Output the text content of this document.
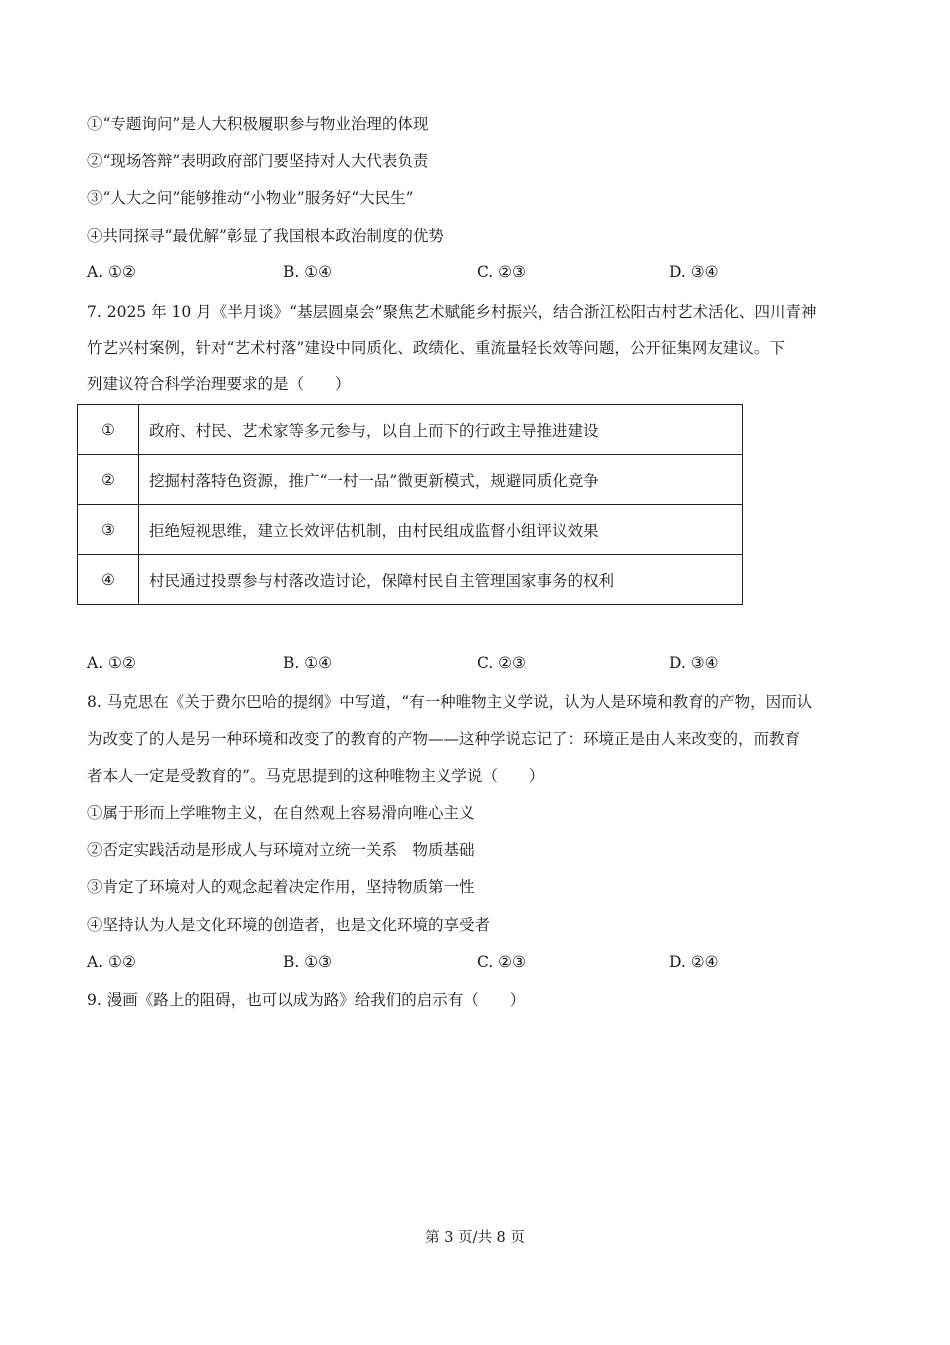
①“专题询问”是人大积极履职参与物业治理的体现
②“现场答辩”表明政府部门要坚持对人大代表负责
③“人大之问”能够推动“小物业”服务好“大民生”
④共同探寻“最优解”彰显了我国根本政治制度的优势
A. ①②	B. ①④	C. ②③	D. ③④
7. 2025 年 10 月《半月谈》“基层圆桌会”聚焦艺术赋能乡村振兴，结合浙江松阳古村艺术活化、四川青神
竹艺兴村案例，针对“艺术村落”建设中同质化、政绩化、重流量轻长效等问题，公开征集网友建议。下
列建议符合科学治理要求的是（　　）
①	政府、村民、艺术家等多元参与，以自上而下的行政主导推进建设
②	挖掘村落特色资源，推广“一村一品”微更新模式，规避同质化竞争
③	拒绝短视思维，建立长效评估机制，由村民组成监督小组评议效果
④	村民通过投票参与村落改造讨论，保障村民自主管理国家事务的权利
A. ①②	B. ①④	C. ②③	D. ③④
8. 马克思在《关于费尔巴哈的提纲》中写道，“有一种唯物主义学说，认为人是环境和教育的产物，因而认
为改变了的人是另一种环境和改变了的教育的产物——这种学说忘记了：环境正是由人来改变的，而教育
者本人一定是受教育的”。马克思提到的这种唯物主义学说（　　）
①属于形而上学唯物主义，在自然观上容易滑向唯心主义
②否定实践活动是形成人与环境对立统一关系　物质基础
③肯定了环境对人的观念起着决定作用，坚持物质第一性
④坚持认为人是文化环境的创造者，也是文化环境的享受者
A. ①②	B. ①③	C. ②③	D. ②④
9. 漫画《路上的阻碍，也可以成为路》给我们的启示有（　　）
第 3 页/共 8 页
